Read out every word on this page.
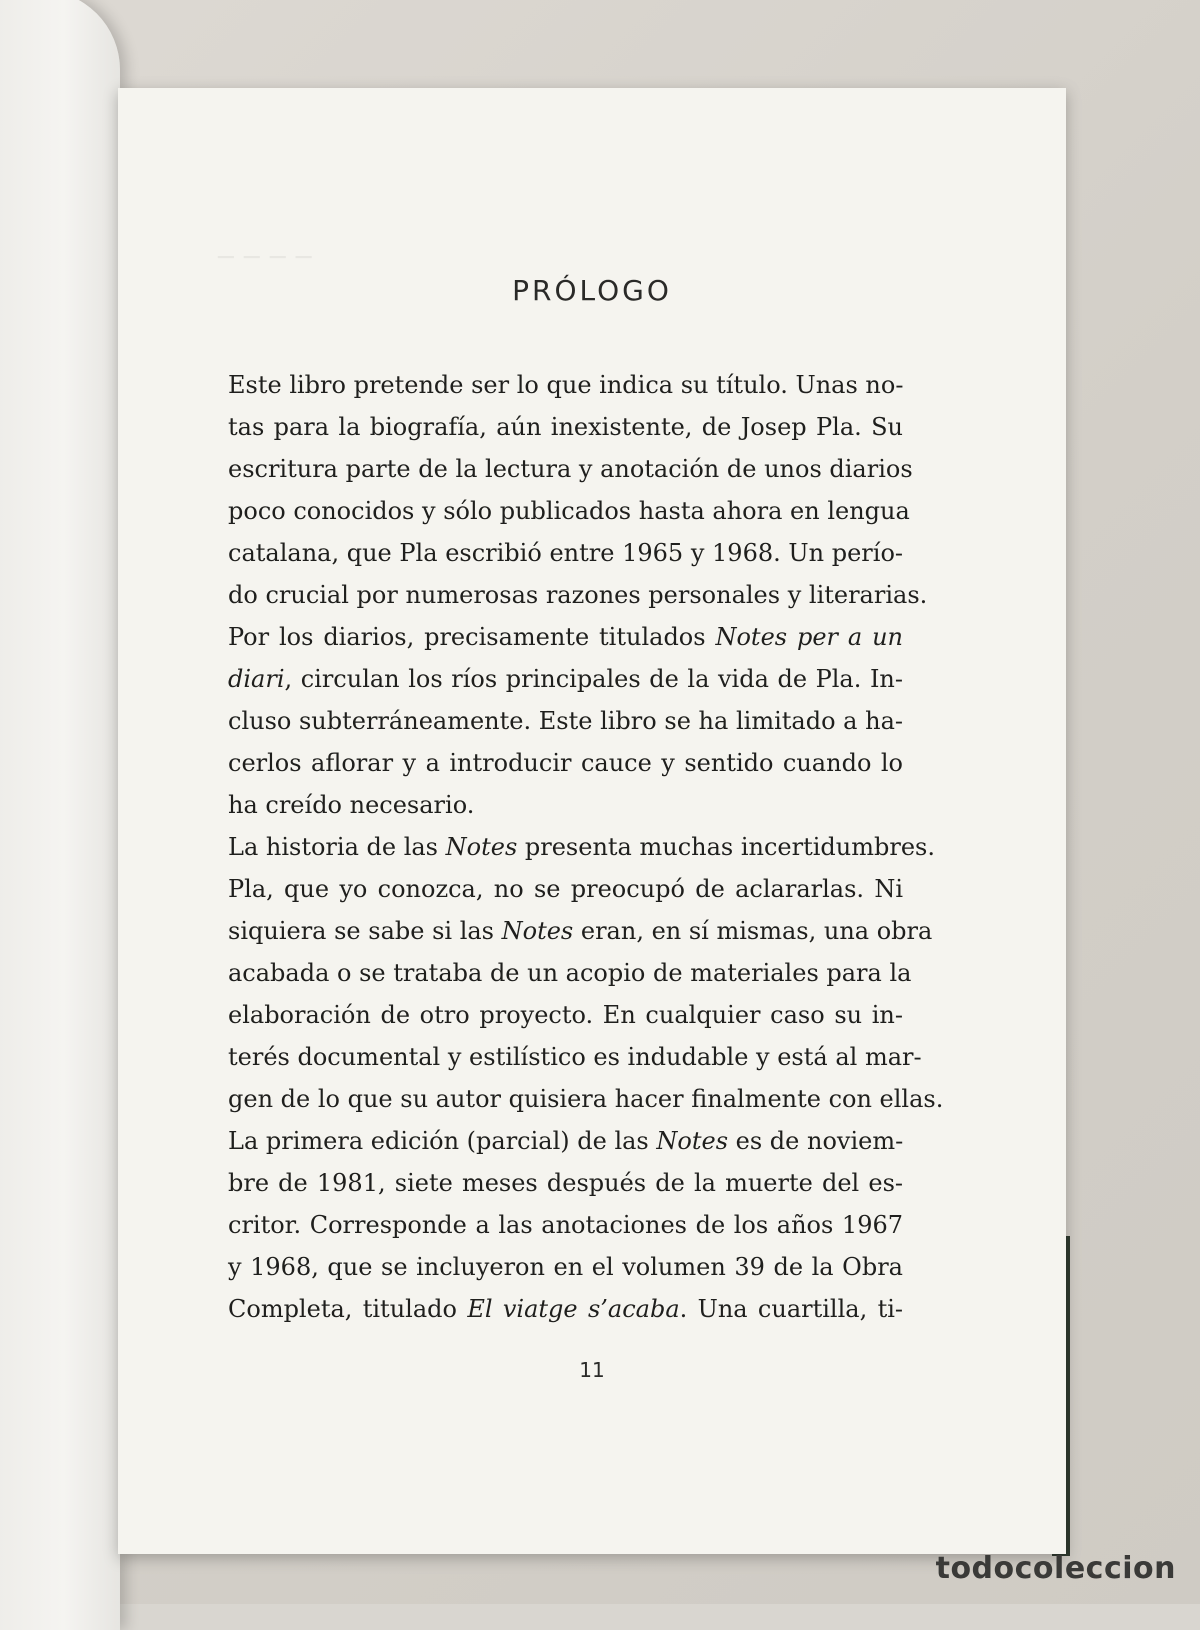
─ ─ ─ ─
PRÓLOGO
Este libro pretende ser lo que indica su título. Unas no-
tas para la biografía, aún inexistente, de Josep Pla. Su
escritura parte de la lectura y anotación de unos diarios
poco conocidos y sólo publicados hasta ahora en lengua
catalana, que Pla escribió entre 1965 y 1968. Un perío-
do crucial por numerosas razones personales y literarias.
Por los diarios, precisamente titulados Notes per a un
diari, circulan los ríos principales de la vida de Pla. In-
cluso subterráneamente. Este libro se ha limitado a ha-
cerlos aflorar y a introducir cauce y sentido cuando lo
ha creído necesario.
La historia de las Notes presenta muchas incertidumbres.
Pla, que yo conozca, no se preocupó de aclararlas. Ni
siquiera se sabe si las Notes eran, en sí mismas, una obra
acabada o se trataba de un acopio de materiales para la
elaboración de otro proyecto. En cualquier caso su in-
terés documental y estilístico es indudable y está al mar-
gen de lo que su autor quisiera hacer finalmente con ellas.
La primera edición (parcial) de las Notes es de noviem-
bre de 1981, siete meses después de la muerte del es-
critor. Corresponde a las anotaciones de los años 1967
y 1968, que se incluyeron en el volumen 39 de la Obra
Completa, titulado El viatge s’acaba. Una cuartilla, ti-
11
todocoleccion
